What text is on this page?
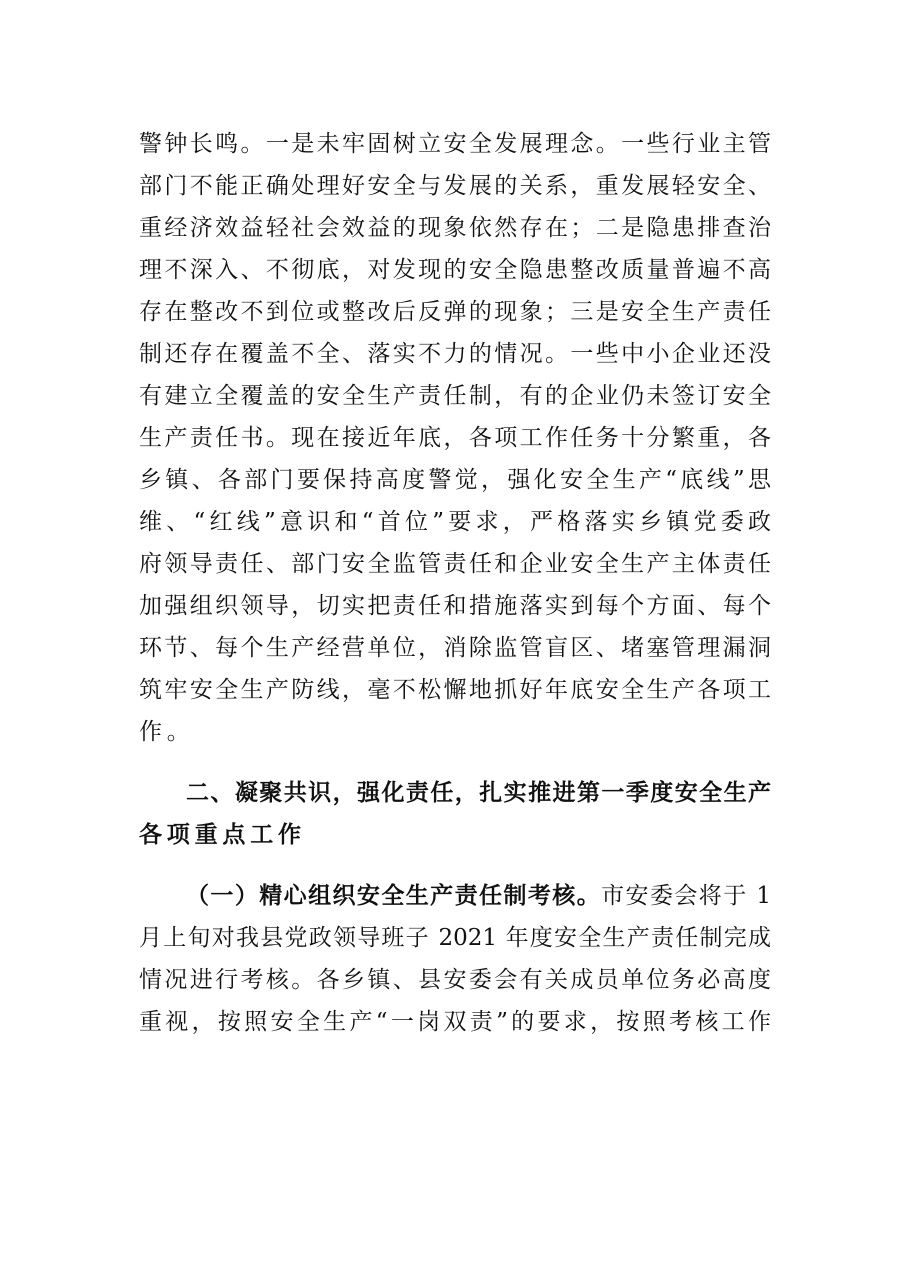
警钟长鸣。一是未牢固树立安全发展理念。一些行业主管
部门不能正确处理好安全与发展的关系，重发展轻安全、
重经济效益轻社会效益的现象依然存在；二是隐患排查治
理不深入、不彻底，对发现的安全隐患整改质量普遍不高
存在整改不到位或整改后反弹的现象；三是安全生产责任
制还存在覆盖不全、落实不力的情况。一些中小企业还没
有建立全覆盖的安全生产责任制，有的企业仍未签订安全
生产责任书。现在接近年底，各项工作任务十分繁重，各
乡镇、各部门要保持高度警觉，强化安全生产“底线”思
维、“红线”意识和“首位”要求，严格落实乡镇党委政
府领导责任、部门安全监管责任和企业安全生产主体责任
加强组织领导，切实把责任和措施落实到每个方面、每个
环节、每个生产经营单位，消除监管盲区、堵塞管理漏洞
筑牢安全生产防线，毫不松懈地抓好年底安全生产各项工
作。
二、凝聚共识，强化责任，扎实推进第一季度安全生产
各项重点工作
（一）精心组织安全生产责任制考核。市安委会将于 1
月上旬对我县党政领导班子 2021 年度安全生产责任制完成
情况进行考核。各乡镇、县安委会有关成员单位务必高度
重视，按照安全生产“一岗双责”的要求，按照考核工作
